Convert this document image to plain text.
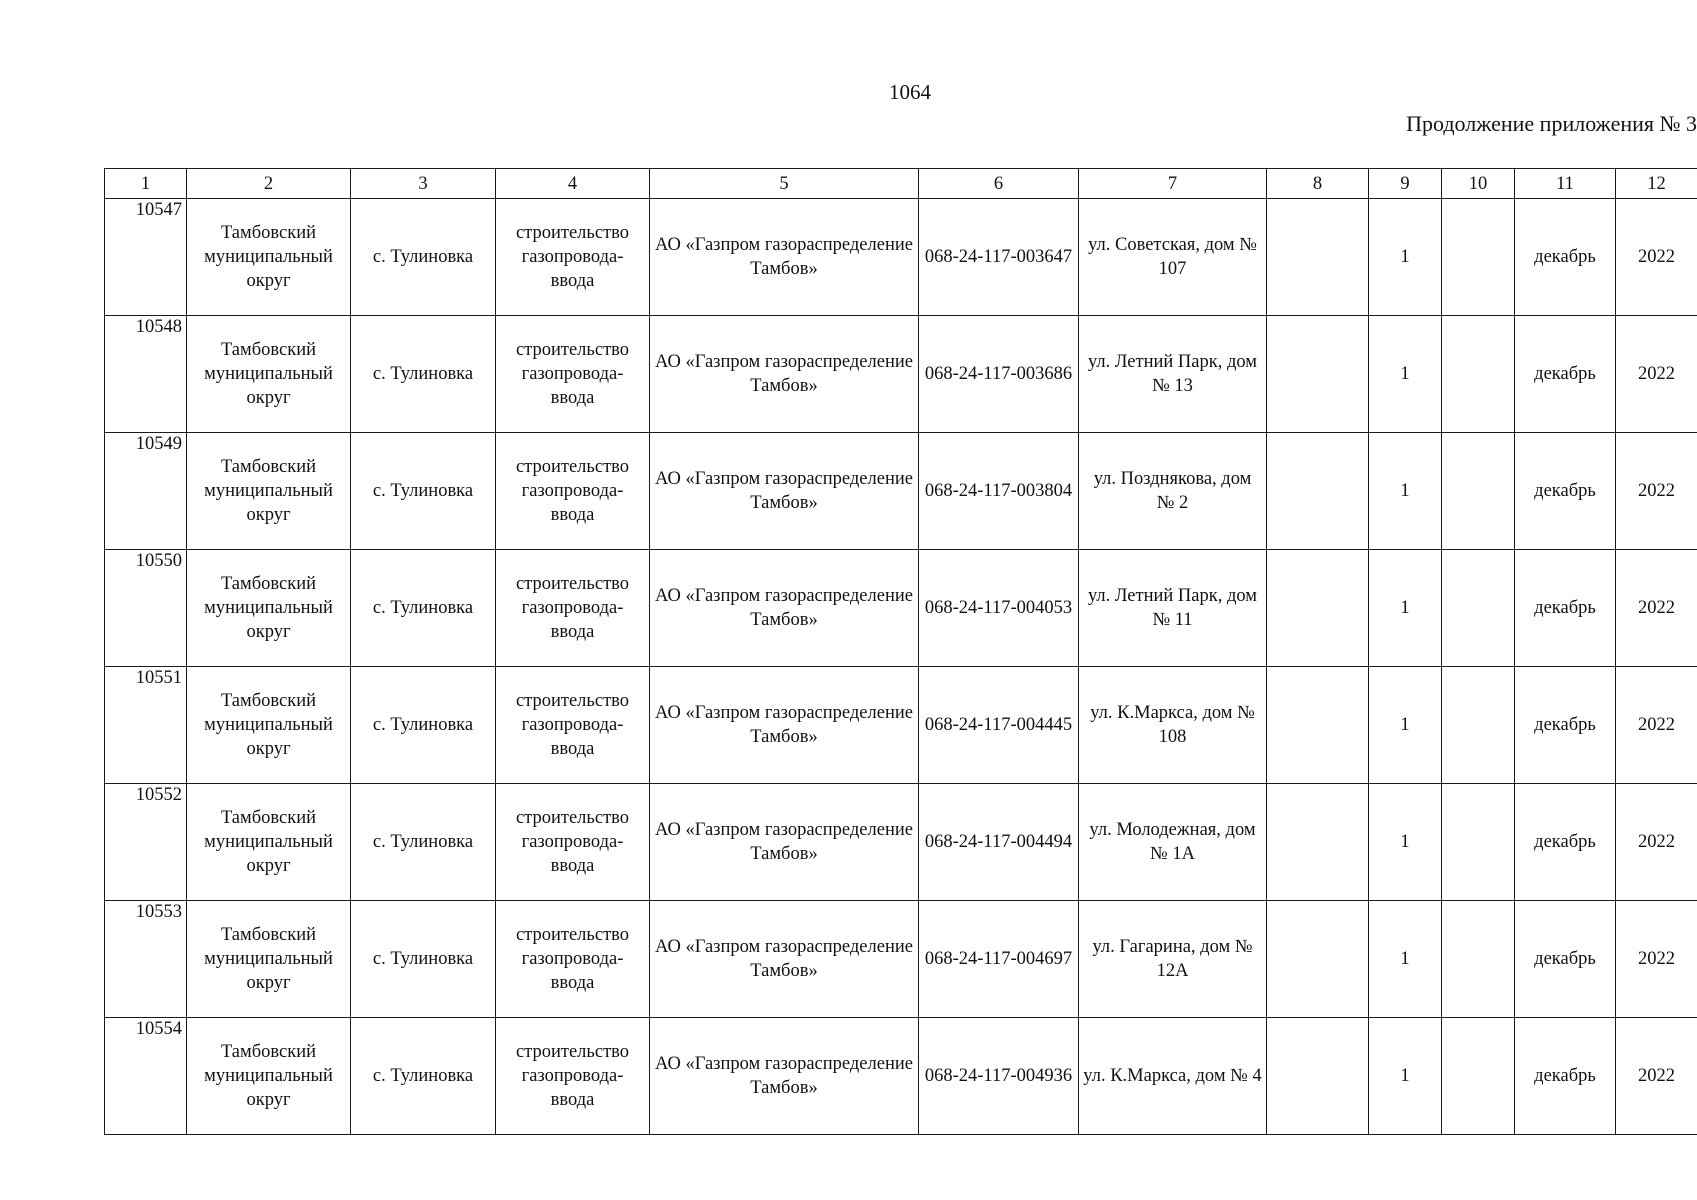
1064
Продолжение приложения № 3
1	2	3	4	5	6	7	8	9	10	11	12
10547	Тамбовский муниципальный округ	с. Тулиновка	строительство газопровода-ввода	АО «Газпром газораспределение Тамбов»	068-24-117-003647	ул. Советская, дом № 107		1		декабрь	2022
10548	Тамбовский муниципальный округ	с. Тулиновка	строительство газопровода-ввода	АО «Газпром газораспределение Тамбов»	068-24-117-003686	ул. Летний Парк, дом № 13		1		декабрь	2022
10549	Тамбовский муниципальный округ	с. Тулиновка	строительство газопровода-ввода	АО «Газпром газораспределение Тамбов»	068-24-117-003804	ул. Позднякова, дом № 2		1		декабрь	2022
10550	Тамбовский муниципальный округ	с. Тулиновка	строительство газопровода-ввода	АО «Газпром газораспределение Тамбов»	068-24-117-004053	ул. Летний Парк, дом № 11		1		декабрь	2022
10551	Тамбовский муниципальный округ	с. Тулиновка	строительство газопровода-ввода	АО «Газпром газораспределение Тамбов»	068-24-117-004445	ул. К.Маркса, дом № 108		1		декабрь	2022
10552	Тамбовский муниципальный округ	с. Тулиновка	строительство газопровода-ввода	АО «Газпром газораспределение Тамбов»	068-24-117-004494	ул. Молодежная, дом № 1А		1		декабрь	2022
10553	Тамбовский муниципальный округ	с. Тулиновка	строительство газопровода-ввода	АО «Газпром газораспределение Тамбов»	068-24-117-004697	ул. Гагарина, дом № 12А		1		декабрь	2022
10554	Тамбовский муниципальный округ	с. Тулиновка	строительство газопровода-ввода	АО «Газпром газораспределение Тамбов»	068-24-117-004936	ул. К.Маркса, дом № 4		1		декабрь	2022
